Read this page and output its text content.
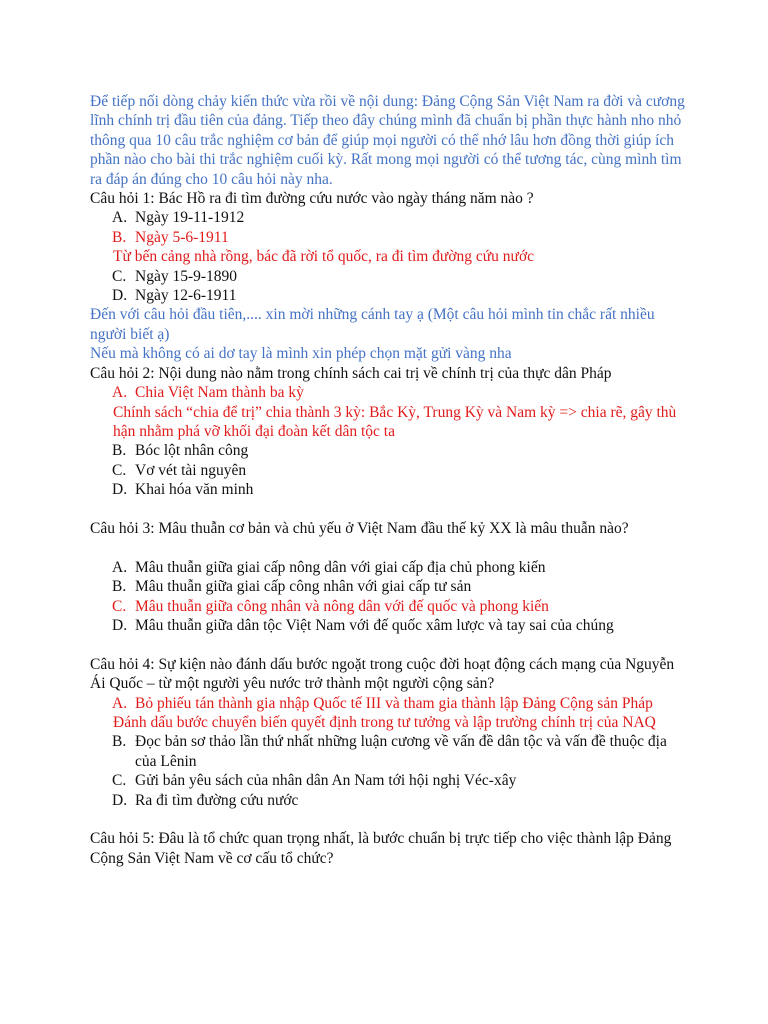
Để tiếp nối dòng chảy kiến thức vừa rồi về nội dung: Đảng Cộng Sản Việt Nam ra đời và cương lĩnh chính trị đầu tiên của đảng. Tiếp theo đây chúng mình đã chuẩn bị phần thực hành nho nhỏ thông qua 10 câu trắc nghiệm cơ bản để giúp mọi người có thể nhớ lâu hơn đồng thời giúp ích phần nào cho bài thi trắc nghiệm cuối kỳ. Rất mong mọi người có thể tương tác, cùng mình tìm ra đáp án đúng cho 10 câu hỏi này nha.

Câu hỏi 1: Bác Hồ ra đi tìm đường cứu nước vào ngày tháng năm nào ?

A. Ngày 19-11-1912

B. Ngày 5-6-1911

Từ bến cảng nhà rồng, bác đã rời tổ quốc, ra đi tìm đường cứu nước

C. Ngày 15-9-1890

D. Ngày 12-6-1911

Đến với câu hỏi đầu tiên,.... xin mời những cánh tay ạ (Một câu hỏi mình tin chắc rất nhiều người biết ạ)

Nếu mà không có ai dơ tay là mình xin phép chọn mặt gửi vàng nha

Câu hỏi 2: Nội dung nào nằm trong chính sách cai trị về chính trị của thực dân Pháp

A. Chia Việt Nam thành ba kỳ

Chính sách “chia để trị” chia thành 3 kỳ: Bắc Kỳ, Trung Kỳ và Nam kỳ => chia rẽ, gây thù hận nhằm phá vỡ khối đại đoàn kết dân tộc ta

B. Bóc lột nhân công

C. Vơ vét tài nguyên

D. Khai hóa văn minh

Câu hỏi 3: Mâu thuẫn cơ bản và chủ yếu ở Việt Nam đầu thế kỷ XX là mâu thuẫn nào?

A. Mâu thuẫn giữa giai cấp nông dân với giai cấp địa chủ phong kiến

B. Mâu thuẫn giữa giai cấp công nhân với giai cấp tư sản

C. Mâu thuẫn giữa công nhân và nông dân với đế quốc và phong kiến

D. Mâu thuẫn giữa dân tộc Việt Nam với đế quốc xâm lược và tay sai của chúng

Câu hỏi 4: Sự kiện nào đánh dấu bước ngoặt trong cuộc đời hoạt động cách mạng của Nguyễn Ái Quốc – từ một người yêu nước trở thành một người cộng sản?

A. Bỏ phiếu tán thành gia nhập Quốc tế III và tham gia thành lập Đảng Cộng sản Pháp

Đánh dấu bước chuyển biến quyết định trong tư tưởng và lập trường chính trị của NAQ

B. Đọc bản sơ thảo lần thứ nhất những luận cương về vấn đề dân tộc và vấn đề thuộc địa của Lênin

C. Gửi bản yêu sách của nhân dân An Nam tới hội nghị Véc-xây

D. Ra đi tìm đường cứu nước

Câu hỏi 5: Đâu là tổ chức quan trọng nhất, là bước chuẩn bị trực tiếp cho việc thành lập Đảng Cộng Sản Việt Nam về cơ cấu tổ chức?
